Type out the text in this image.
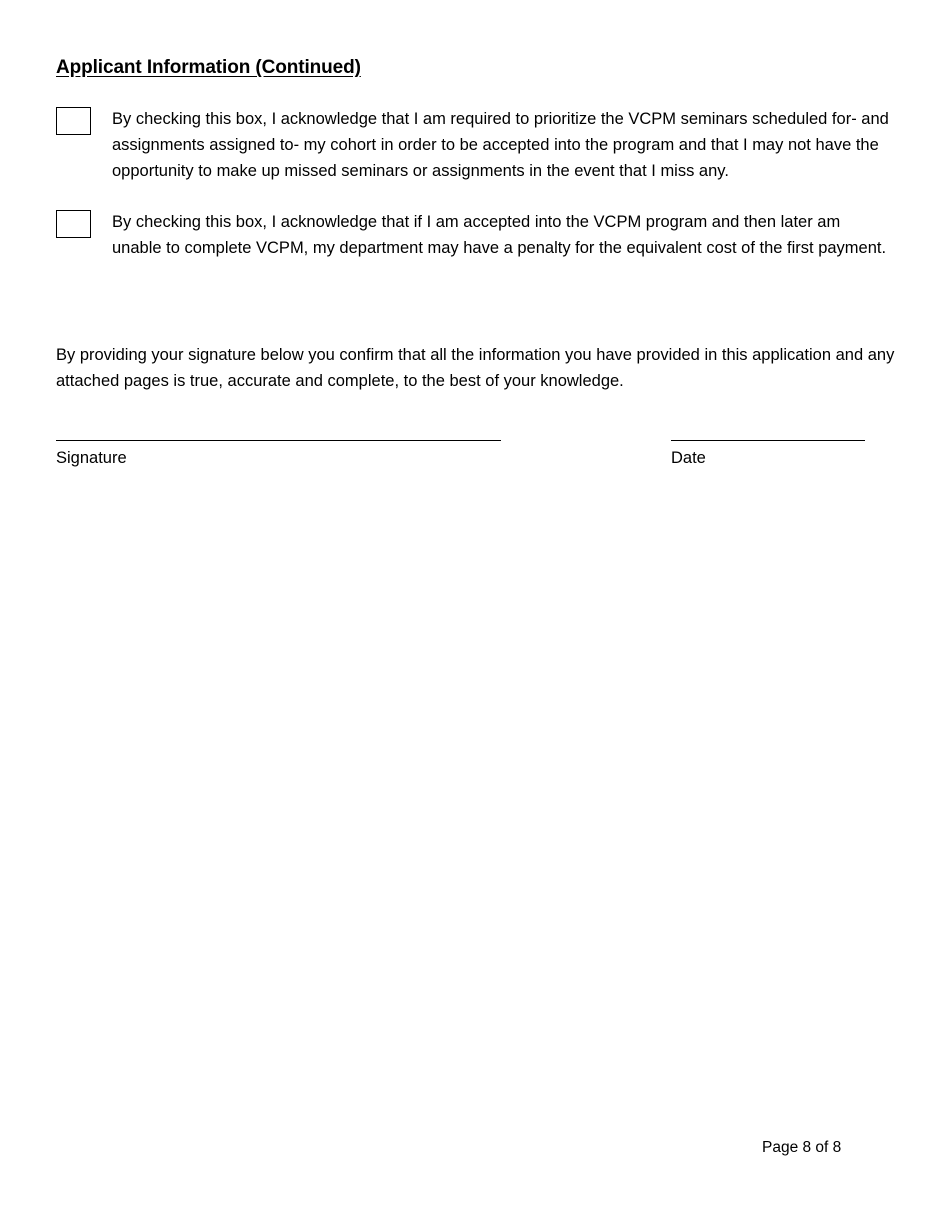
Applicant Information (Continued)
By checking this box, I acknowledge that I am required to prioritize the VCPM seminars scheduled for- and assignments assigned to- my cohort in order to be accepted into the program and that I may not have the opportunity to make up missed seminars or assignments in the event that I miss any.
By checking this box, I acknowledge that if I am accepted into the VCPM program and then later am unable to complete VCPM, my department may have a penalty for the equivalent cost of the first payment.
By providing your signature below you confirm that all the information you have provided in this application and any attached pages is true, accurate and complete, to the best of your knowledge.
Signature	Date
Page 8 of 8
